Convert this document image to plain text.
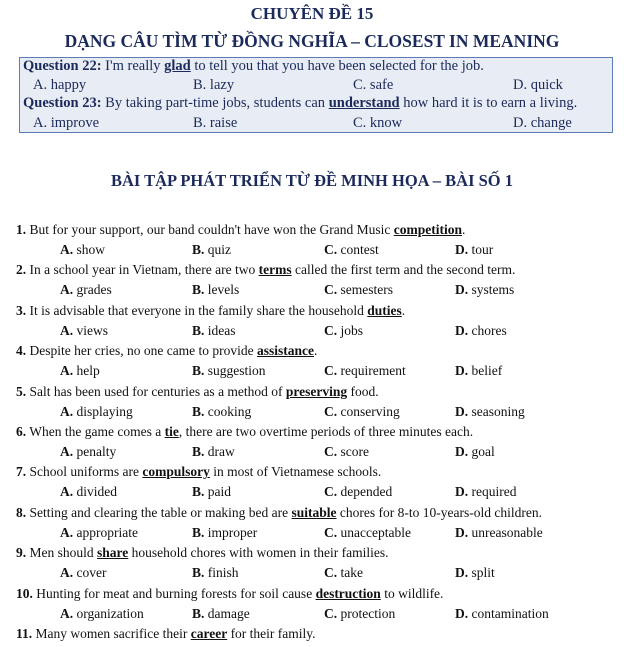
CHUYÊN ĐỀ 15
DẠNG CÂU TÌM TỪ ĐỒNG NGHĨA – CLOSEST IN MEANING
Question 22: I'm really glad to tell you that you have been selected for the job.
A. happy	B. lazy	C. safe	D. quick
Question 23: By taking part-time jobs, students can understand how hard it is to earn a living.
A. improve	B. raise	C. know	D. change
BÀI TẬP PHÁT TRIỂN TỪ ĐỀ MINH HỌA – BÀI SỐ 1
1. But for your support, our band couldn't have won the Grand Music competition.
A. show	B. quiz	C. contest	D. tour
2. In a school year in Vietnam, there are two terms called the first term and the second term.
A. grades	B. levels	C. semesters	D. systems
3. It is advisable that everyone in the family share the household duties.
A. views	B. ideas	C. jobs	D. chores
4. Despite her cries, no one came to provide assistance.
A. help	B. suggestion	C. requirement	D. belief
5. Salt has been used for centuries as a method of preserving food.
A. displaying	B. cooking	C. conserving	D. seasoning
6. When the game comes a tie, there are two overtime periods of three minutes each.
A. penalty	B. draw	C. score	D. goal
7. School uniforms are compulsory in most of Vietnamese schools.
A. divided	B. paid	C. depended	D. required
8. Setting and clearing the table or making bed are suitable chores for 8-to 10-years-old children.
A. appropriate	B. improper	C. unacceptable	D. unreasonable
9. Men should share household chores with women in their families.
A. cover	B. finish	C. take	D. split
10. Hunting for meat and burning forests for soil cause destruction to wildlife.
A. organization	B. damage	C. protection	D. contamination
11. Many women sacrifice their career for their family.
